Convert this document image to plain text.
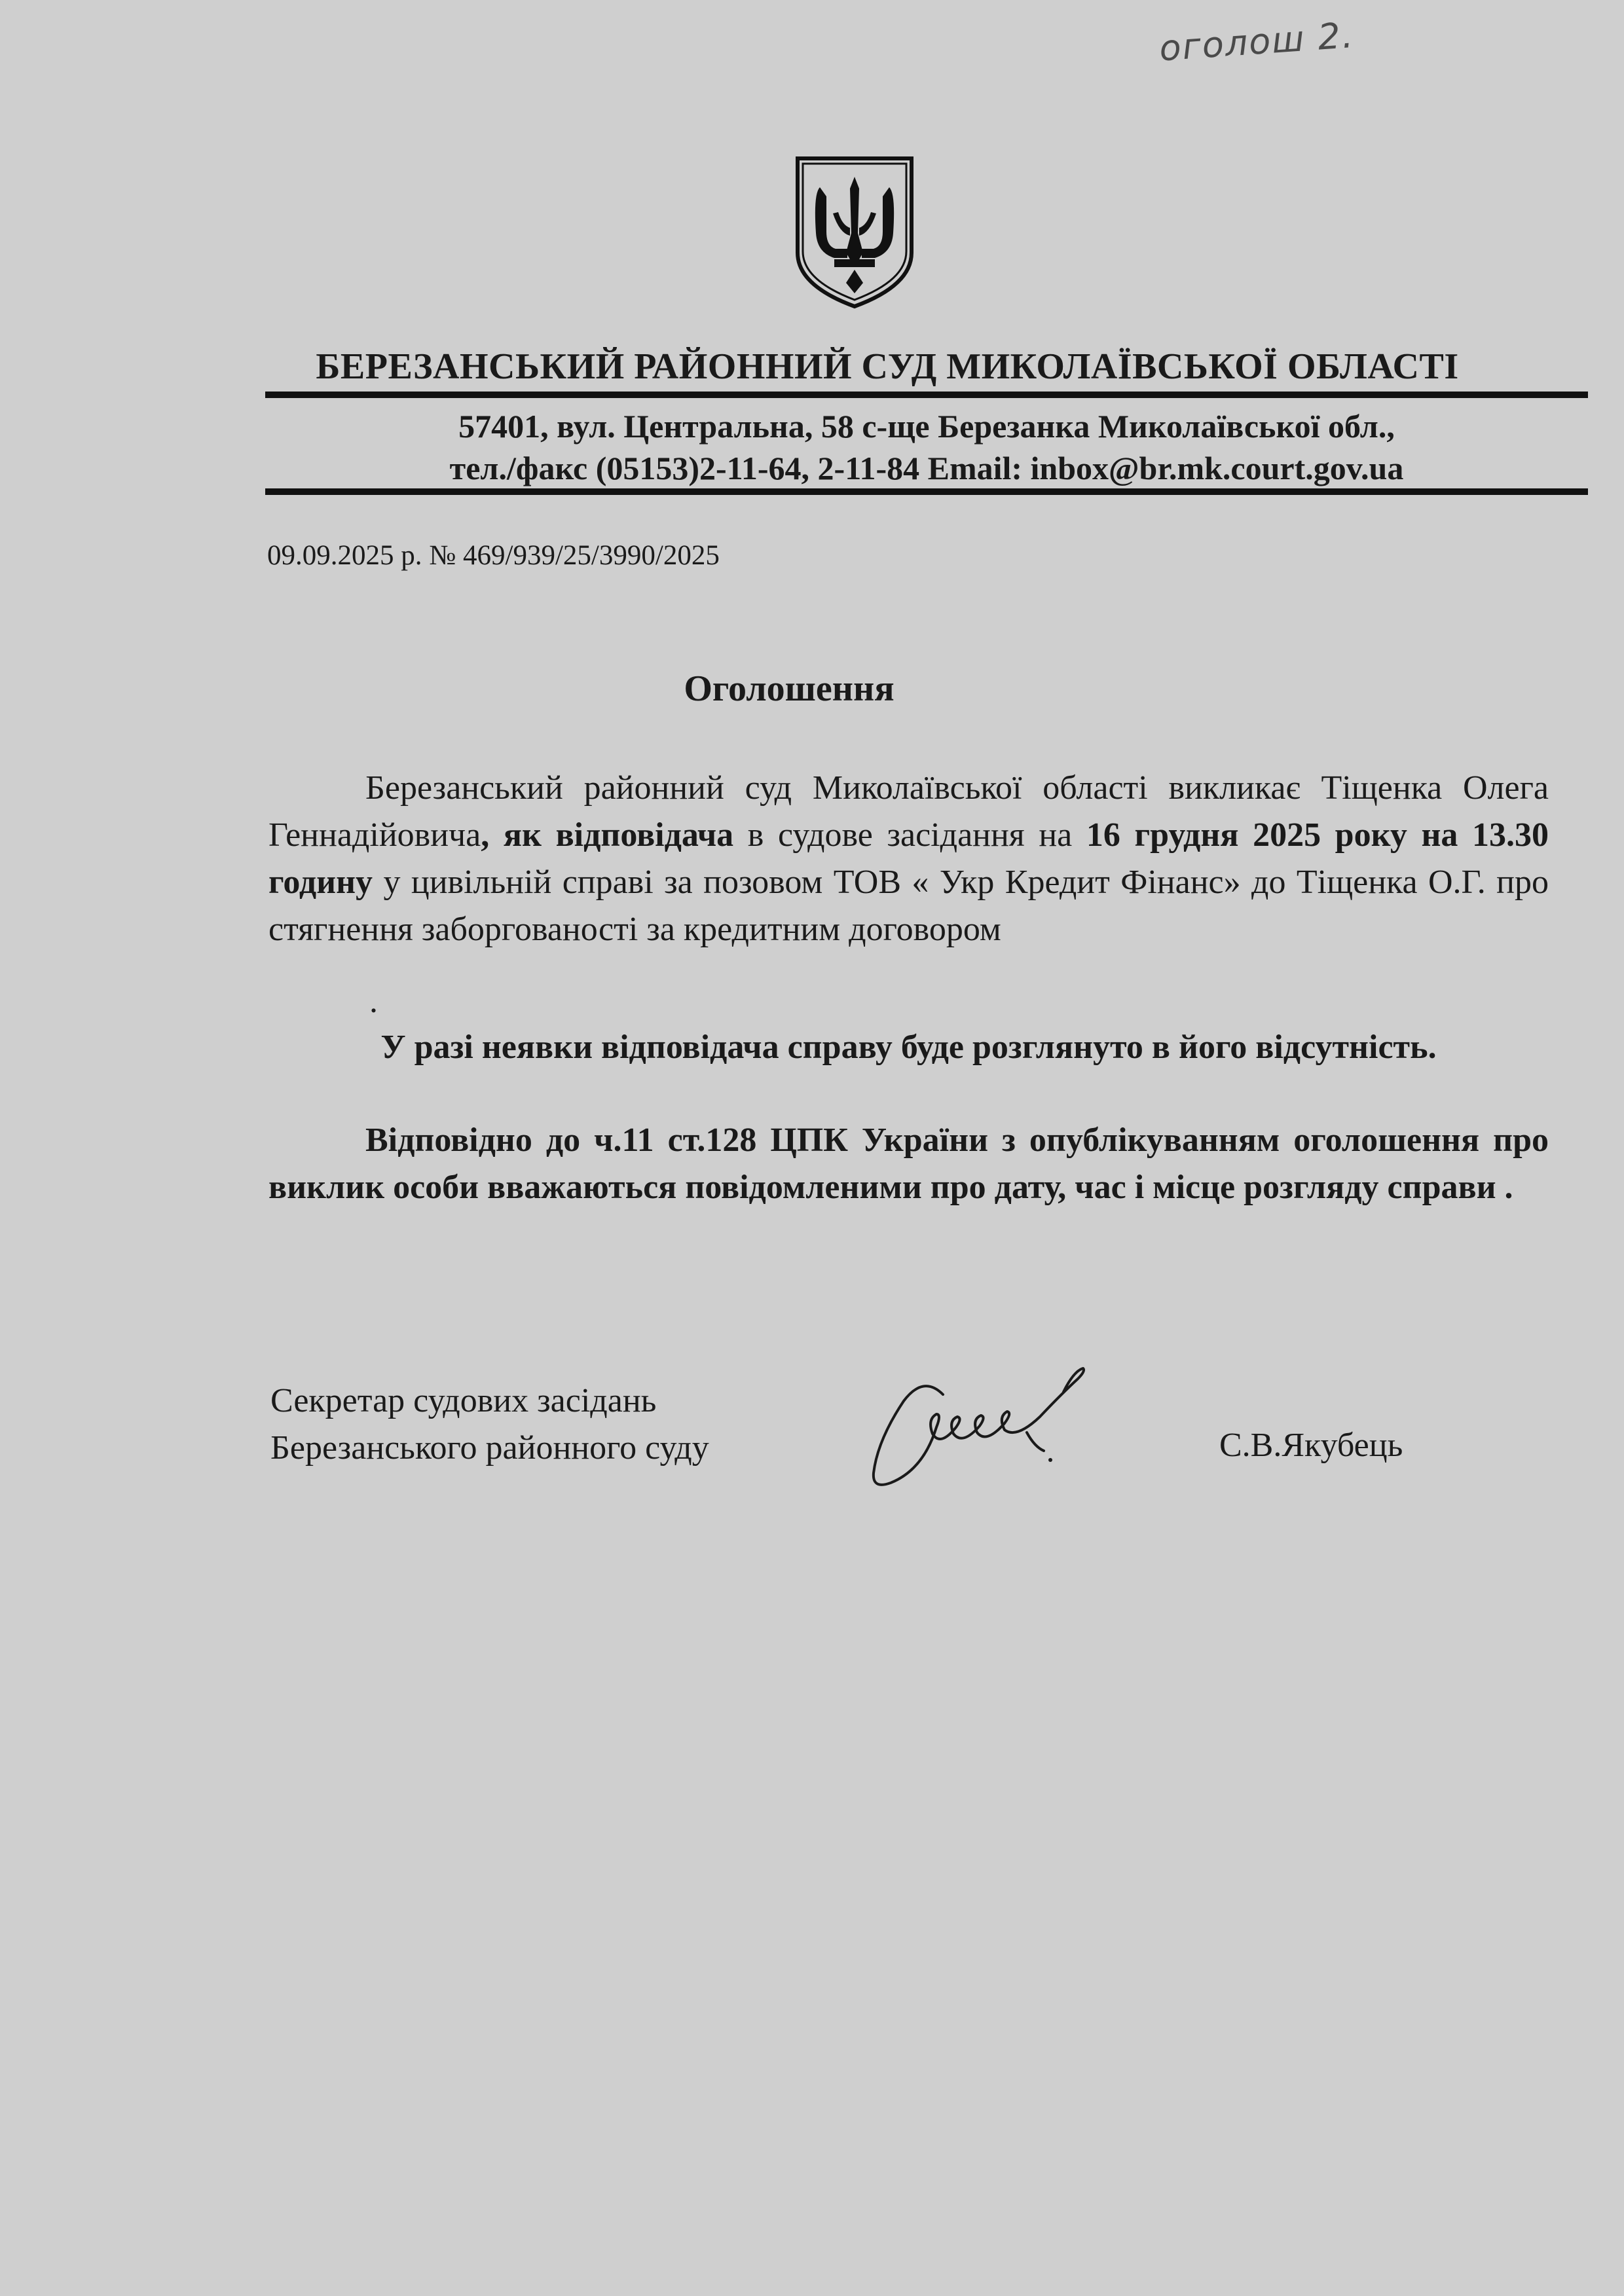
оголош 2.
БЕРЕЗАНСЬКИЙ РАЙОННИЙ СУД МИКОЛАЇВСЬКОЇ ОБЛАСТІ
57401, вул. Центральна, 58 с-ще Березанка Миколаївської обл.,
тел./факс (05153)2-11-64, 2-11-84 Email: inbox@br.mk.court.gov.ua
09.09.2025 р. № 469/939/25/3990/2025
Оголошення

Березанський районний суд Миколаївської області викликає Тіщенка Олега Геннадійовича, як відповідача в судове засідання на 16 грудня 2025 року на 13.30 годину у цивільній справі за позовом ТОВ « Укр Кредит Фінанс» до Тіщенка О.Г. про стягнення заборгованості за кредитним договором

.
У разі неявки відповідача справу буде розглянуто в його відсутність.

Відповідно до ч.11 ст.128 ЦПК України з опублікуванням оголошення про виклик особи вважаються повідомленими про дату, час і місце розгляду справи .

Секретар судових засідань
Березанського районного суду	С.В.Якубець
